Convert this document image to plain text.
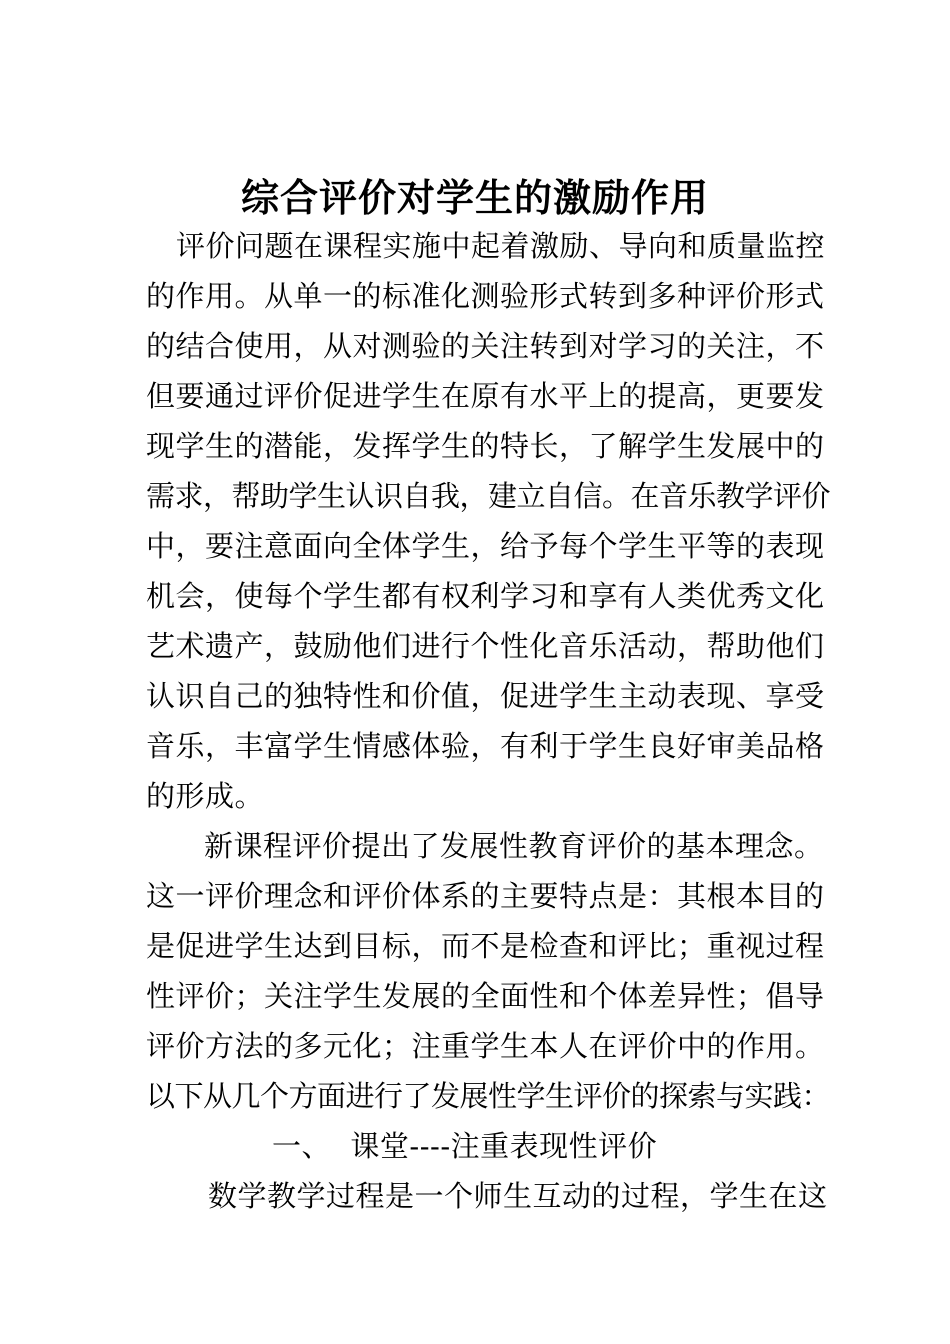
综合评价对学生的激励作用
评价问题在课程实施中起着激励、导向和质量监控
的作用。从单一的标准化测验形式转到多种评价形式
的结合使用，从对测验的关注转到对学习的关注，不
但要通过评价促进学生在原有水平上的提高，更要发
现学生的潜能，发挥学生的特长，了解学生发展中的
需求，帮助学生认识自我，建立自信。在音乐教学评价
中，要注意面向全体学生，给予每个学生平等的表现
机会，使每个学生都有权利学习和享有人类优秀文化
艺术遗产，鼓励他们进行个性化音乐活动，帮助他们
认识自己的独特性和价值，促进学生主动表现、享受
音乐，丰富学生情感体验，有利于学生良好审美品格
的形成。
新课程评价提出了发展性教育评价的基本理念。
这一评价理念和评价体系的主要特点是：其根本目的
是促进学生达到目标，而不是检查和评比；重视过程
性评价；关注学生发展的全面性和个体差异性；倡导
评价方法的多元化；注重学生本人在评价中的作用。
以下从几个方面进行了发展性学生评价的探索与实践：
一、  课堂----注重表现性评价
数学教学过程是一个师生互动的过程，学生在这
